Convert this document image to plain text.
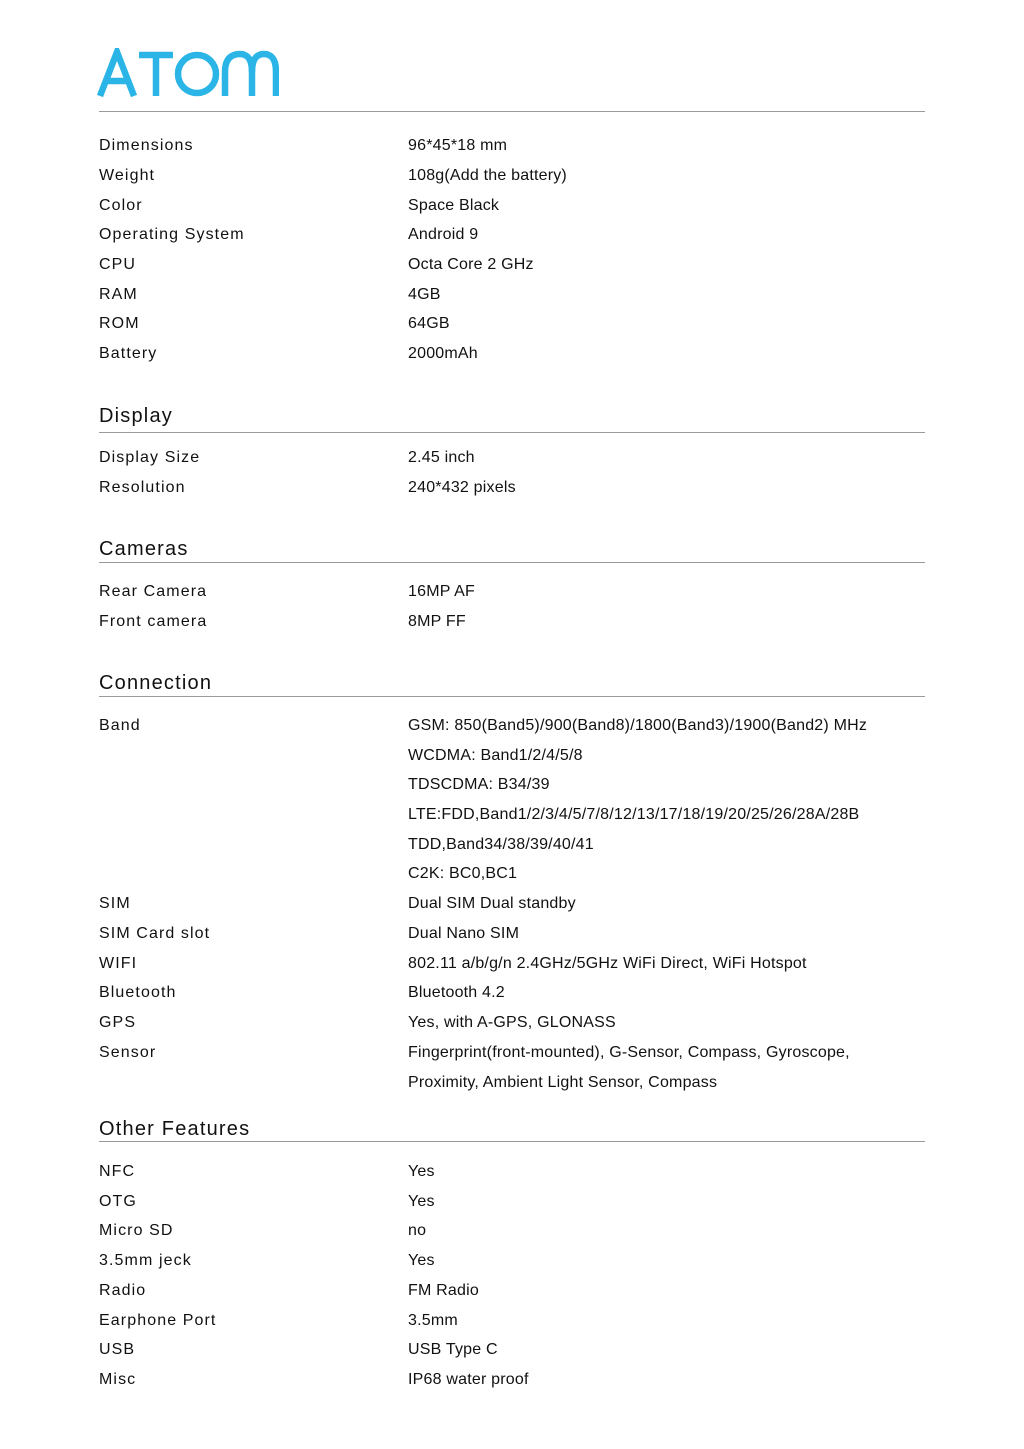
Dimensions	96*45*18 mm
Weight	108g(Add the battery)
Color	Space Black
Operating System	Android 9
CPU	Octa Core 2 GHz
RAM	4GB
ROM	64GB
Battery	2000mAh
Display
Display Size	2.45 inch
Resolution	240*432 pixels
Cameras
Rear Camera	16MP AF
Front camera	8MP FF
Connection
Band	GSM: 850(Band5)/900(Band8)/1800(Band3)/1900(Band2) MHz
WCDMA: Band1/2/4/5/8
TDSCDMA: B34/39
LTE:FDD,Band1/2/3/4/5/7/8/12/13/17/18/19/20/25/26/28A/28B
TDD,Band34/38/39/40/41
C2K: BC0,BC1
SIM	Dual SIM Dual standby
SIM Card slot	Dual Nano SIM
WIFI	802.11 a/b/g/n 2.4GHz/5GHz WiFi Direct, WiFi Hotspot
Bluetooth	Bluetooth 4.2
GPS	Yes, with A-GPS, GLONASS
Sensor	Fingerprint(front-mounted), G-Sensor, Compass, Gyroscope,
Proximity, Ambient Light Sensor, Compass
Other Features
NFC	Yes
OTG	Yes
Micro SD	no
3.5mm jeck	Yes
Radio	FM Radio
Earphone Port	3.5mm
USB	USB Type C
Misc	IP68 water proof
